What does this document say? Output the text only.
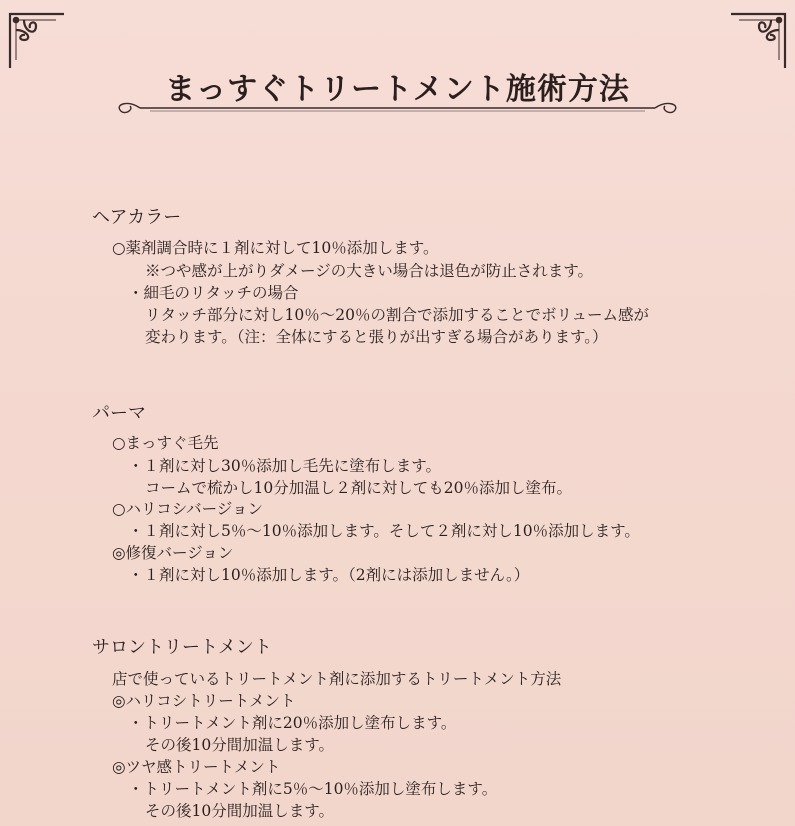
まっすぐトリートメント施術方法
ヘアカラー
○薬剤調合時に１剤に対して10％添加します。
※つや感が上がりダメージの大きい場合は退色が防止されます。
・細毛のリタッチの場合
リタッチ部分に対し10％〜20％の割合で添加することでボリューム感が
変わります。（注：全体にすると張りが出すぎる場合があります。）
パーマ
○まっすぐ毛先
・１剤に対し30％添加し毛先に塗布します。
コームで梳かし10分加温し２剤に対しても20％添加し塗布。
○ハリコシバージョン
・１剤に対し5％〜10％添加します。そして２剤に対し10％添加します。
◎修復バージョン
・１剤に対し10％添加します。（2剤には添加しません。）
サロントリートメント
店で使っているトリートメント剤に添加するトリートメント方法
◎ハリコシトリートメント
・トリートメント剤に20％添加し塗布します。
その後10分間加温します。
◎ツヤ感トリートメント
・トリートメント剤に5％〜10％添加し塗布します。
その後10分間加温します。
